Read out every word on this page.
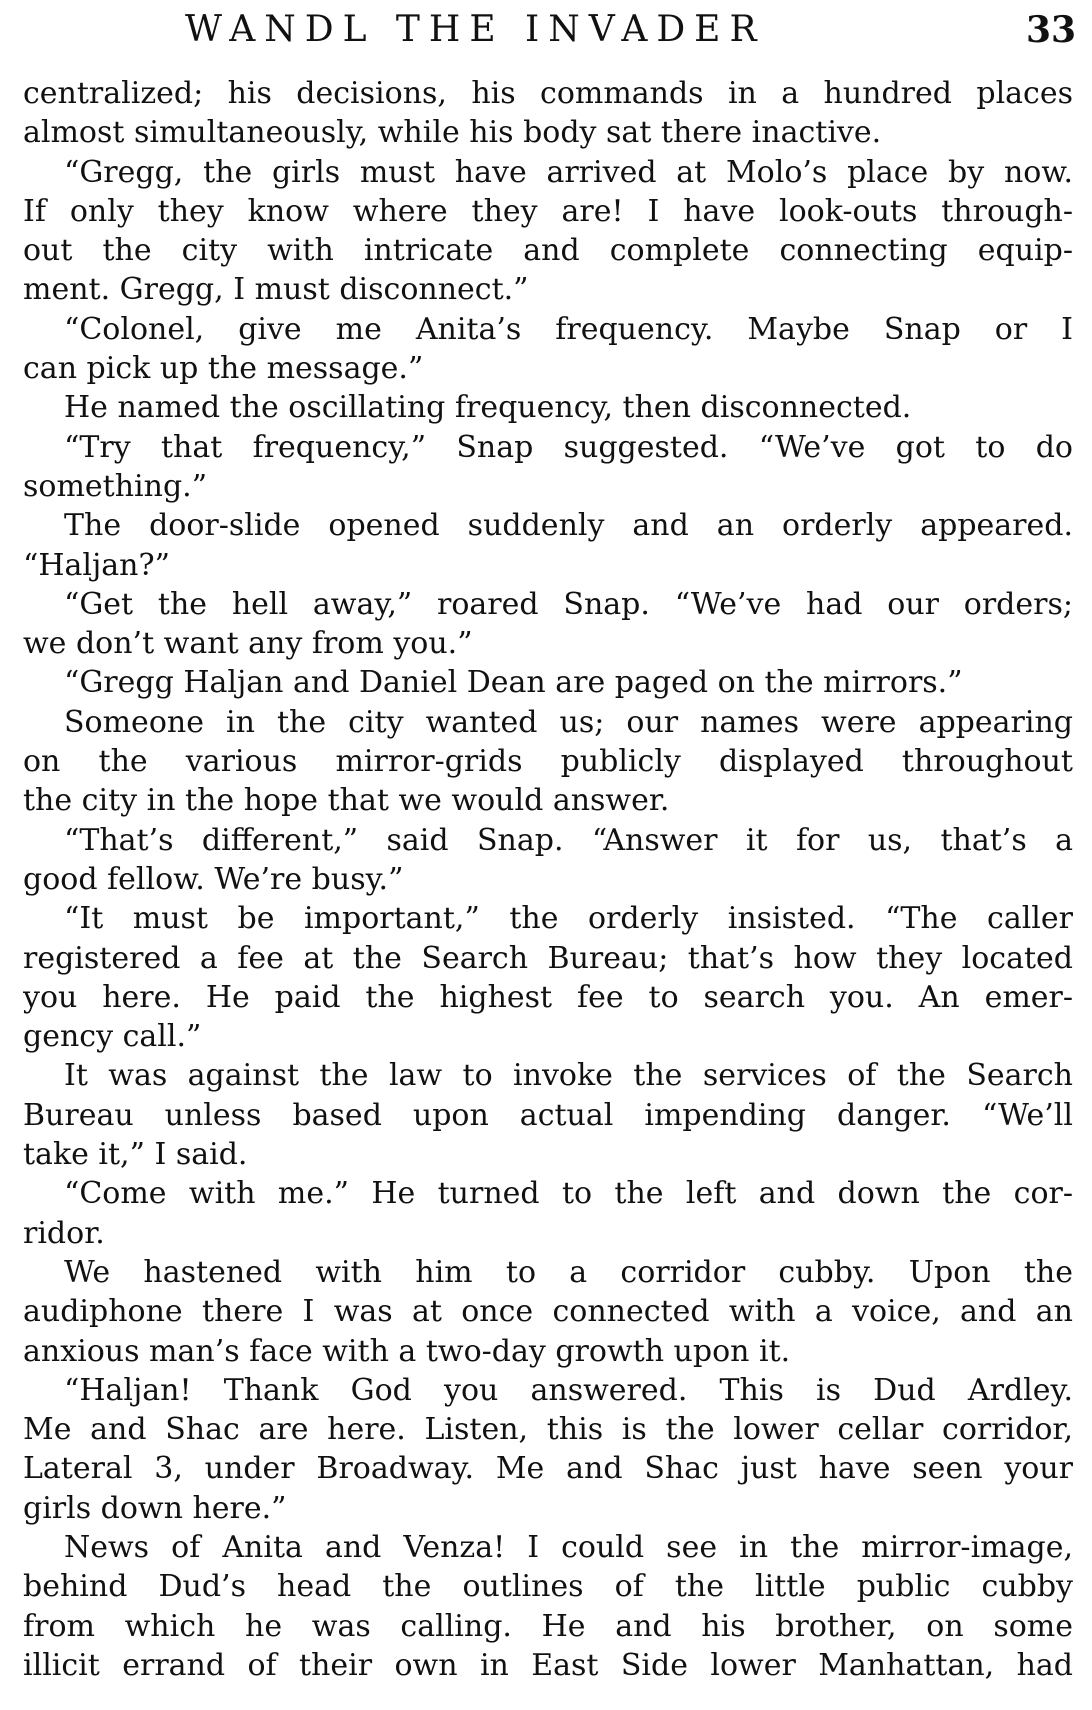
WANDL THE INVADER	33
centralized; his decisions, his commands in a hundred places
almost simultaneously, while his body sat there inactive.
“Gregg, the girls must have arrived at Molo’s place by now.
If only they know where they are! I have look-outs through-
out the city with intricate and complete connecting equip-
ment. Gregg, I must disconnect.”
“Colonel, give me Anita’s frequency. Maybe Snap or I
can pick up the message.”
He named the oscillating frequency, then disconnected.
“Try that frequency,” Snap suggested. “We’ve got to do
something.”
The door-slide opened suddenly and an orderly appeared.
“Haljan?”
“Get the hell away,” roared Snap. “We’ve had our orders;
we don’t want any from you.”
“Gregg Haljan and Daniel Dean are paged on the mirrors.”
Someone in the city wanted us; our names were appearing
on the various mirror-grids publicly displayed throughout
the city in the hope that we would answer.
“That’s different,” said Snap. “Answer it for us, that’s a
good fellow. We’re busy.”
“It must be important,” the orderly insisted. “The caller
registered a fee at the Search Bureau; that’s how they located
you here. He paid the highest fee to search you. An emer-
gency call.”
It was against the law to invoke the services of the Search
Bureau unless based upon actual impending danger. “We’ll
take it,” I said.
“Come with me.” He turned to the left and down the cor-
ridor.
We hastened with him to a corridor cubby. Upon the
audiphone there I was at once connected with a voice, and an
anxious man’s face with a two-day growth upon it.
“Haljan! Thank God you answered. This is Dud Ardley.
Me and Shac are here. Listen, this is the lower cellar corridor,
Lateral 3, under Broadway. Me and Shac just have seen your
girls down here.”
News of Anita and Venza! I could see in the mirror-image,
behind Dud’s head the outlines of the little public cubby
from which he was calling. He and his brother, on some
illicit errand of their own in East Side lower Manhattan, had
